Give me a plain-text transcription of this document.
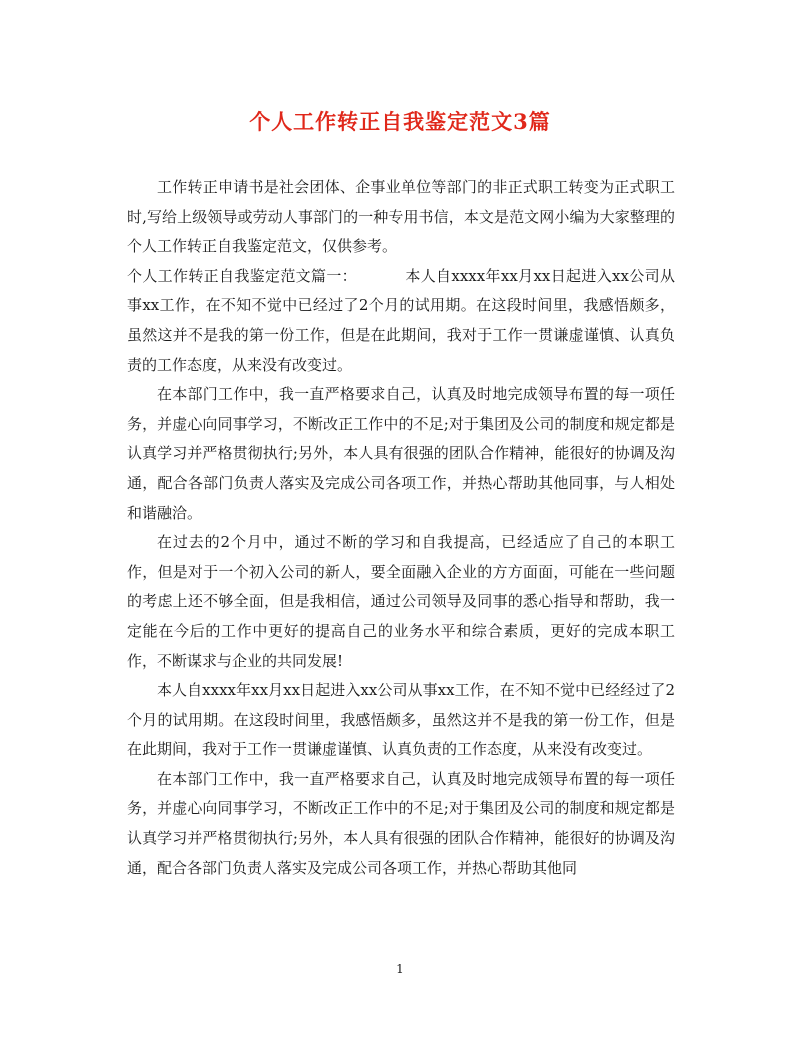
个人工作转正自我鉴定范文3篇

工作转正申请书是社会团体、企事业单位等部门的非正式职工转变为正式职工时,写给上级领导或劳动人事部门的一种专用书信，本文是范文网小编为大家整理的个人工作转正自我鉴定范文，仅供参考。

个人工作转正自我鉴定范文篇一：	本人自xxxx年xx月xx日起进入xx公司从事xx工作，在不知不觉中已经过了2个月的试用期。在这段时间里，我感悟颇多，虽然这并不是我的第一份工作，但是在此期间，我对于工作一贯谦虚谨慎、认真负责的工作态度，从来没有改变过。

在本部门工作中，我一直严格要求自己，认真及时地完成领导布置的每一项任务，并虚心向同事学习，不断改正工作中的不足;对于集团及公司的制度和规定都是认真学习并严格贯彻执行;另外，本人具有很强的团队合作精神，能很好的协调及沟通，配合各部门负责人落实及完成公司各项工作，并热心帮助其他同事，与人相处和谐融洽。

在过去的2个月中，通过不断的学习和自我提高，已经适应了自己的本职工作，但是对于一个初入公司的新人，要全面融入企业的方方面面，可能在一些问题的考虑上还不够全面，但是我相信，通过公司领导及同事的悉心指导和帮助，我一定能在今后的工作中更好的提高自己的业务水平和综合素质，更好的完成本职工作，不断谋求与企业的共同发展!

本人自xxxx年xx月xx日起进入xx公司从事xx工作，在不知不觉中已经经过了2个月的试用期。在这段时间里，我感悟颇多，虽然这并不是我的第一份工作，但是在此期间，我对于工作一贯谦虚谨慎、认真负责的工作态度，从来没有改变过。

在本部门工作中，我一直严格要求自己，认真及时地完成领导布置的每一项任务，并虚心向同事学习，不断改正工作中的不足;对于集团及公司的制度和规定都是认真学习并严格贯彻执行;另外，本人具有很强的团队合作精神，能很好的协调及沟通，配合各部门负责人落实及完成公司各项工作，并热心帮助其他同

1
